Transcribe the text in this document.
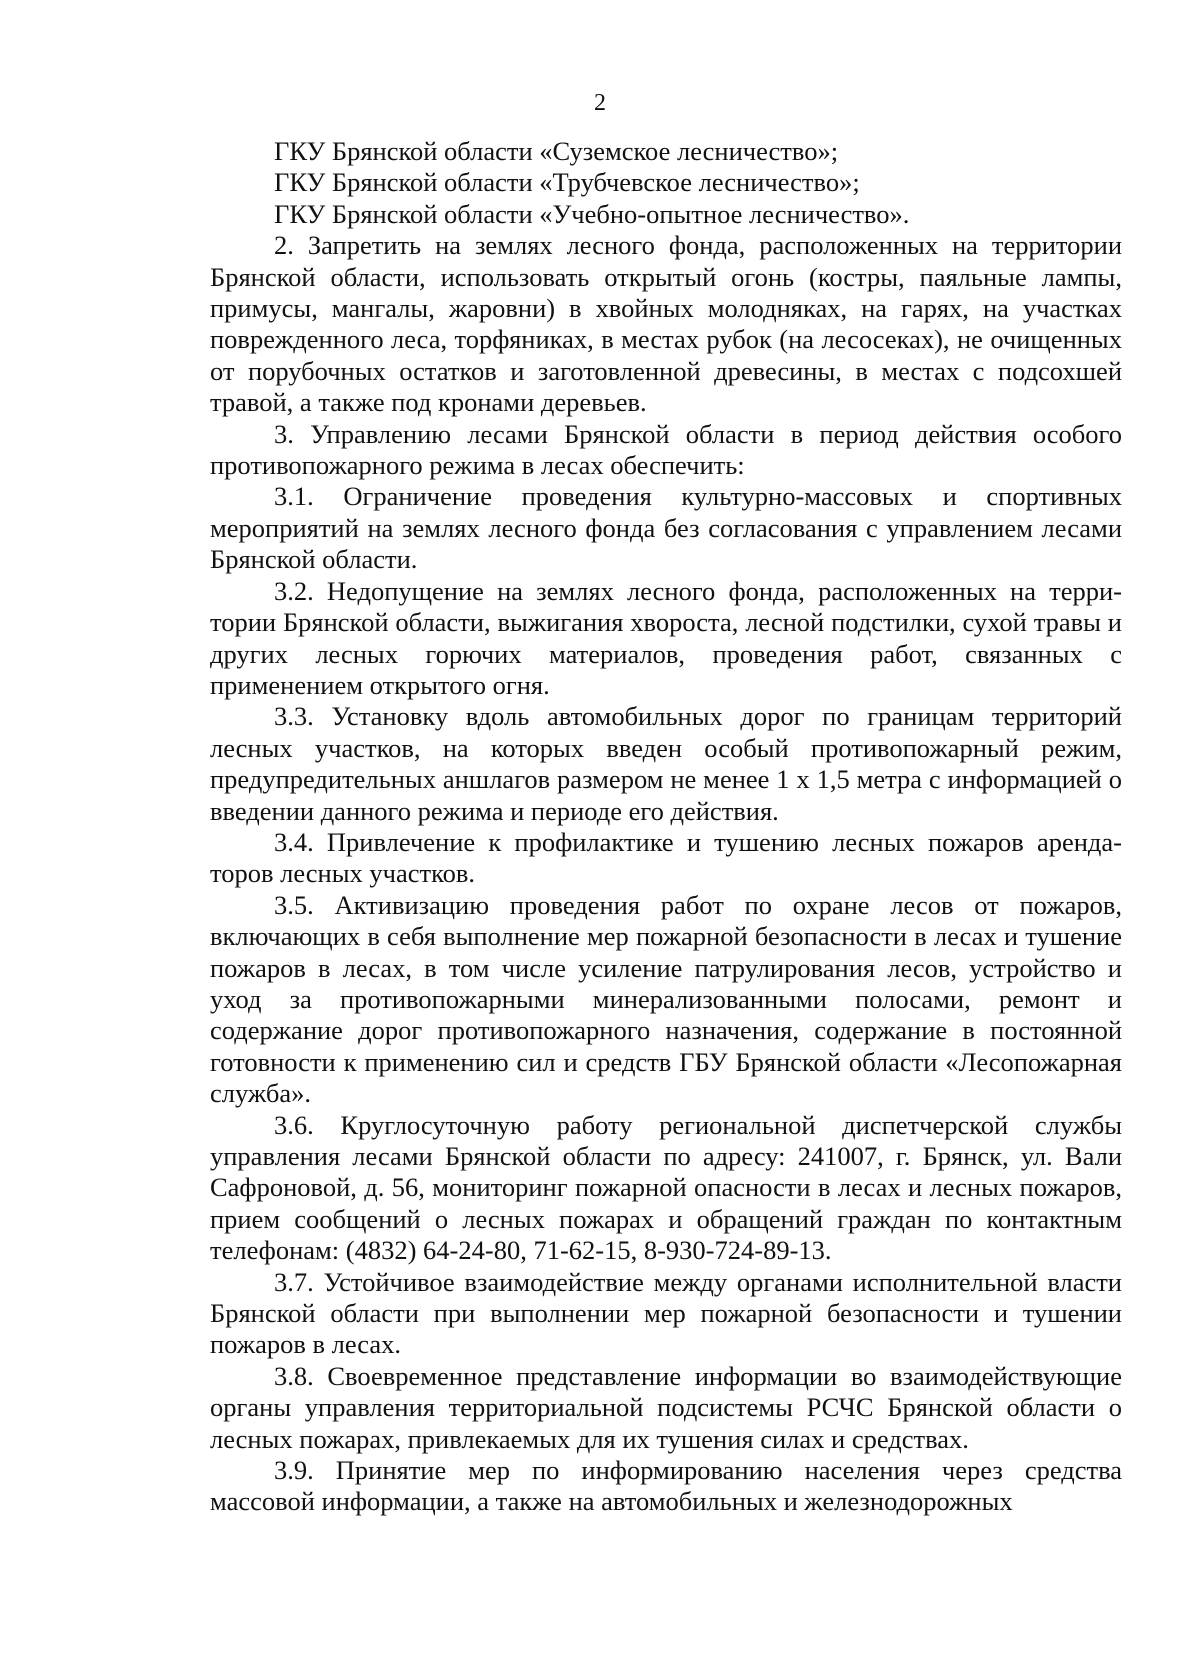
2

ГКУ Брянской области «Суземское лесничество»;

ГКУ Брянской области «Трубчевское лесничество»;

ГКУ Брянской области «Учебно-опытное лесничество».

2. Запретить на землях лесного фонда, расположенных на территории Брянской области, использовать открытый огонь (костры, паяльные лампы, примусы, мангалы, жаровни) в хвойных молодняках, на гарях, на участках поврежденного леса, торфяниках, в местах рубок (на лесосеках), не очищенных от порубочных остатков и заготовленной древесины, в местах с подсохшей травой, а также под кронами деревьев.

3. Управлению лесами Брянской области в период действия особого противопожарного режима в лесах обеспечить:

3.1. Ограничение проведения культурно-массовых и спортивных мероприятий на землях лесного фонда без согласования с управлением лесами Брянской области.

3.2. Недопущение на землях лесного фонда, расположенных на территории Брянской области, выжигания хвороста, лесной подстилки, сухой травы и других лесных горючих материалов, проведения работ, связанных с применением открытого огня.

3.3. Установку вдоль автомобильных дорог по границам территорий лесных участков, на которых введен особый противопожарный режим, предупредительных аншлагов размером не менее 1 х 1,5 метра с информацией о введении данного режима и периоде его действия.

3.4. Привлечение к профилактике и тушению лесных пожаров арендаторов лесных участков.

3.5. Активизацию проведения работ по охране лесов от пожаров, включающих в себя выполнение мер пожарной безопасности в лесах и тушение пожаров в лесах, в том числе усиление патрулирования лесов, устройство и уход за противопожарными минерализованными полосами, ремонт и содержание дорог противопожарного назначения, содержание в постоянной готовности к применению сил и средств ГБУ Брянской области «Лесопожарная служба».

3.6. Круглосуточную работу региональной диспетчерской службы управления лесами Брянской области по адресу: 241007, г. Брянск, ул. Вали Сафроновой, д. 56, мониторинг пожарной опасности в лесах и лесных пожаров, прием сообщений о лесных пожарах и обращений граждан по контактным телефонам: (4832) 64-24-80, 71-62-15, 8-930-724-89-13.

3.7. Устойчивое взаимодействие между органами исполнительной власти Брянской области при выполнении мер пожарной безопасности и тушении пожаров в лесах.

3.8. Своевременное представление информации во взаимодействующие органы управления территориальной подсистемы РСЧС Брянской области о лесных пожарах, привлекаемых для их тушения силах и средствах.

3.9. Принятие мер по информированию населения через средства массовой информации, а также на автомобильных и железнодорожных
